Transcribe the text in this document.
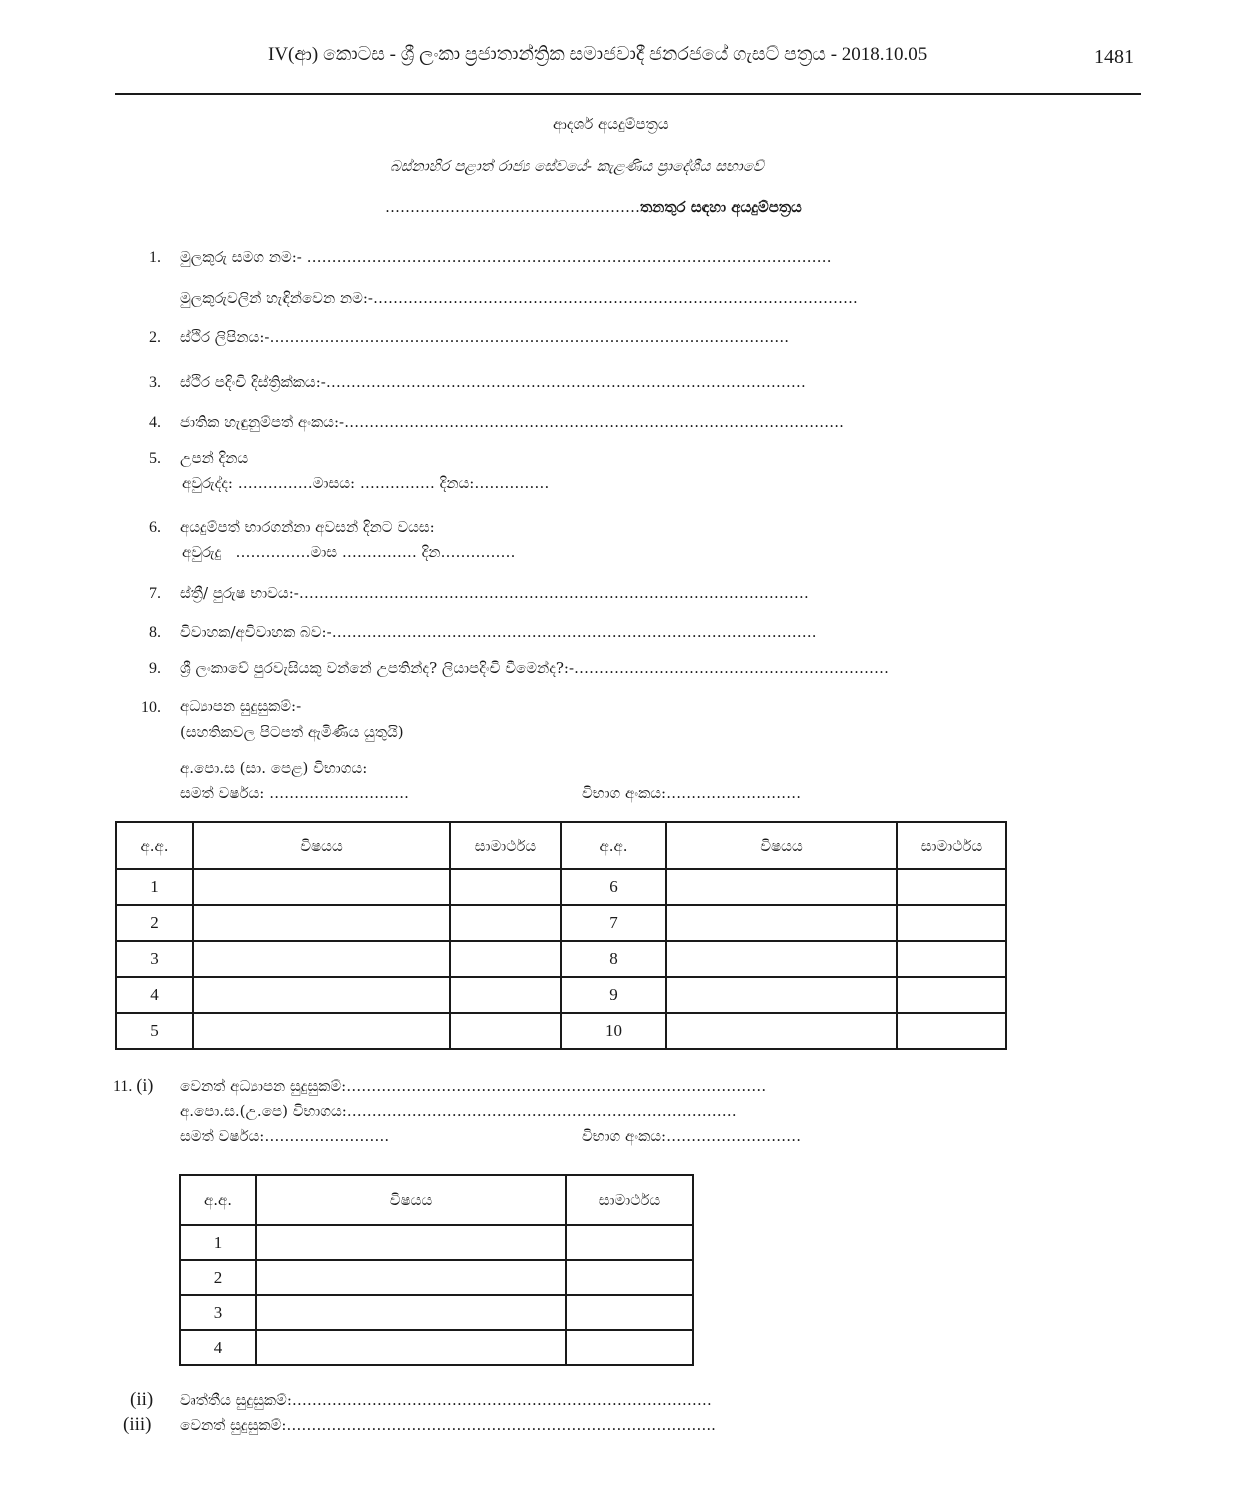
IV(ආ) කොටස - ශ්‍රී ලංකා ප්‍රජාතාන්ත්‍රික සමාජවාදී ජනරජයේ ගැසට් පත්‍රය - 2018.10.05	1481
ආදර්ශ අයදුම්පත්‍රය
බස්නාහිර පළාත් රාජ්‍ය සේවයේ- කැළණිය ප්‍රාදේශීය සභාවේ
……………………………………………තනතුර සඳහා අයදුම්පත්‍රය
1. මුලකුරු සමග නම:- ……………………………………………………………………………………………
මුලකුරුවලින් හැඳින්වෙන නම:-…………………………………………………………………………………….
2. ස්ථිර ලිපිනය:-…………………………………………………………………………….…………….
3. ස්ථිර පදිංචි දිස්ත්‍රික්කය:-……………………………………………………………………………………
4. ජාතික හැඳුනුම්පත් අංකය:-……………………………………………………………………………………….
5. උපන් දිනය
අවුරුද්ද: ……………මාසය: …………… දිනය:……………
6. අයදුම්පත් භාරගන්නා අවසන් දිනට වයස:
අවුරුදු ……………මාස …………… දින……………
7. ස්ත්‍රී/ පුරුෂ භාවය:-…………………………………………………………………………………………
8. විවාහක/අවිවාහක බව:-…………………………………………………………………………………….
9. ශ්‍රී ලංකාවේ පුරවැසියකු වන්නේ උපතින්ද? ලියාපදිංචි වීමෙන්ද?:-………………………………………………………
10. අධ්‍යාපන සුදුසුකම්:-
(සහතිකවල පිටපත් ඇමිණිය යුතුයි)
අ.පො.ස (සා. පෙළ) විභාගය:
සමත් වර්ෂය: ……………………….	විභාග අංකය:………………………
අ.අ.	විෂයය	සාමාර්ථය	අ.අ.	විෂයය	සාමාර්ථය
1			6		
2			7		
3			8		
4			9		
5			10		
11. (i) වෙනත් අධ්‍යාපන සුදුසුකම්:…………………………………………………………………………
අ.පො.ස.(උ.පෙ) විභාගය:……………………………………………………………………
සමත් වර්ෂය:…………………….	විභාග අංකය:………………………
අ.අ.	විෂයය	සාමාර්ථය
1		
2		
3		
4		
(ii) වෘත්තීය සුදුසුකම්:…………………………………………………………………………
(iii) වෙනත් සුදුසුකම්:…………………………………………………………………………..
